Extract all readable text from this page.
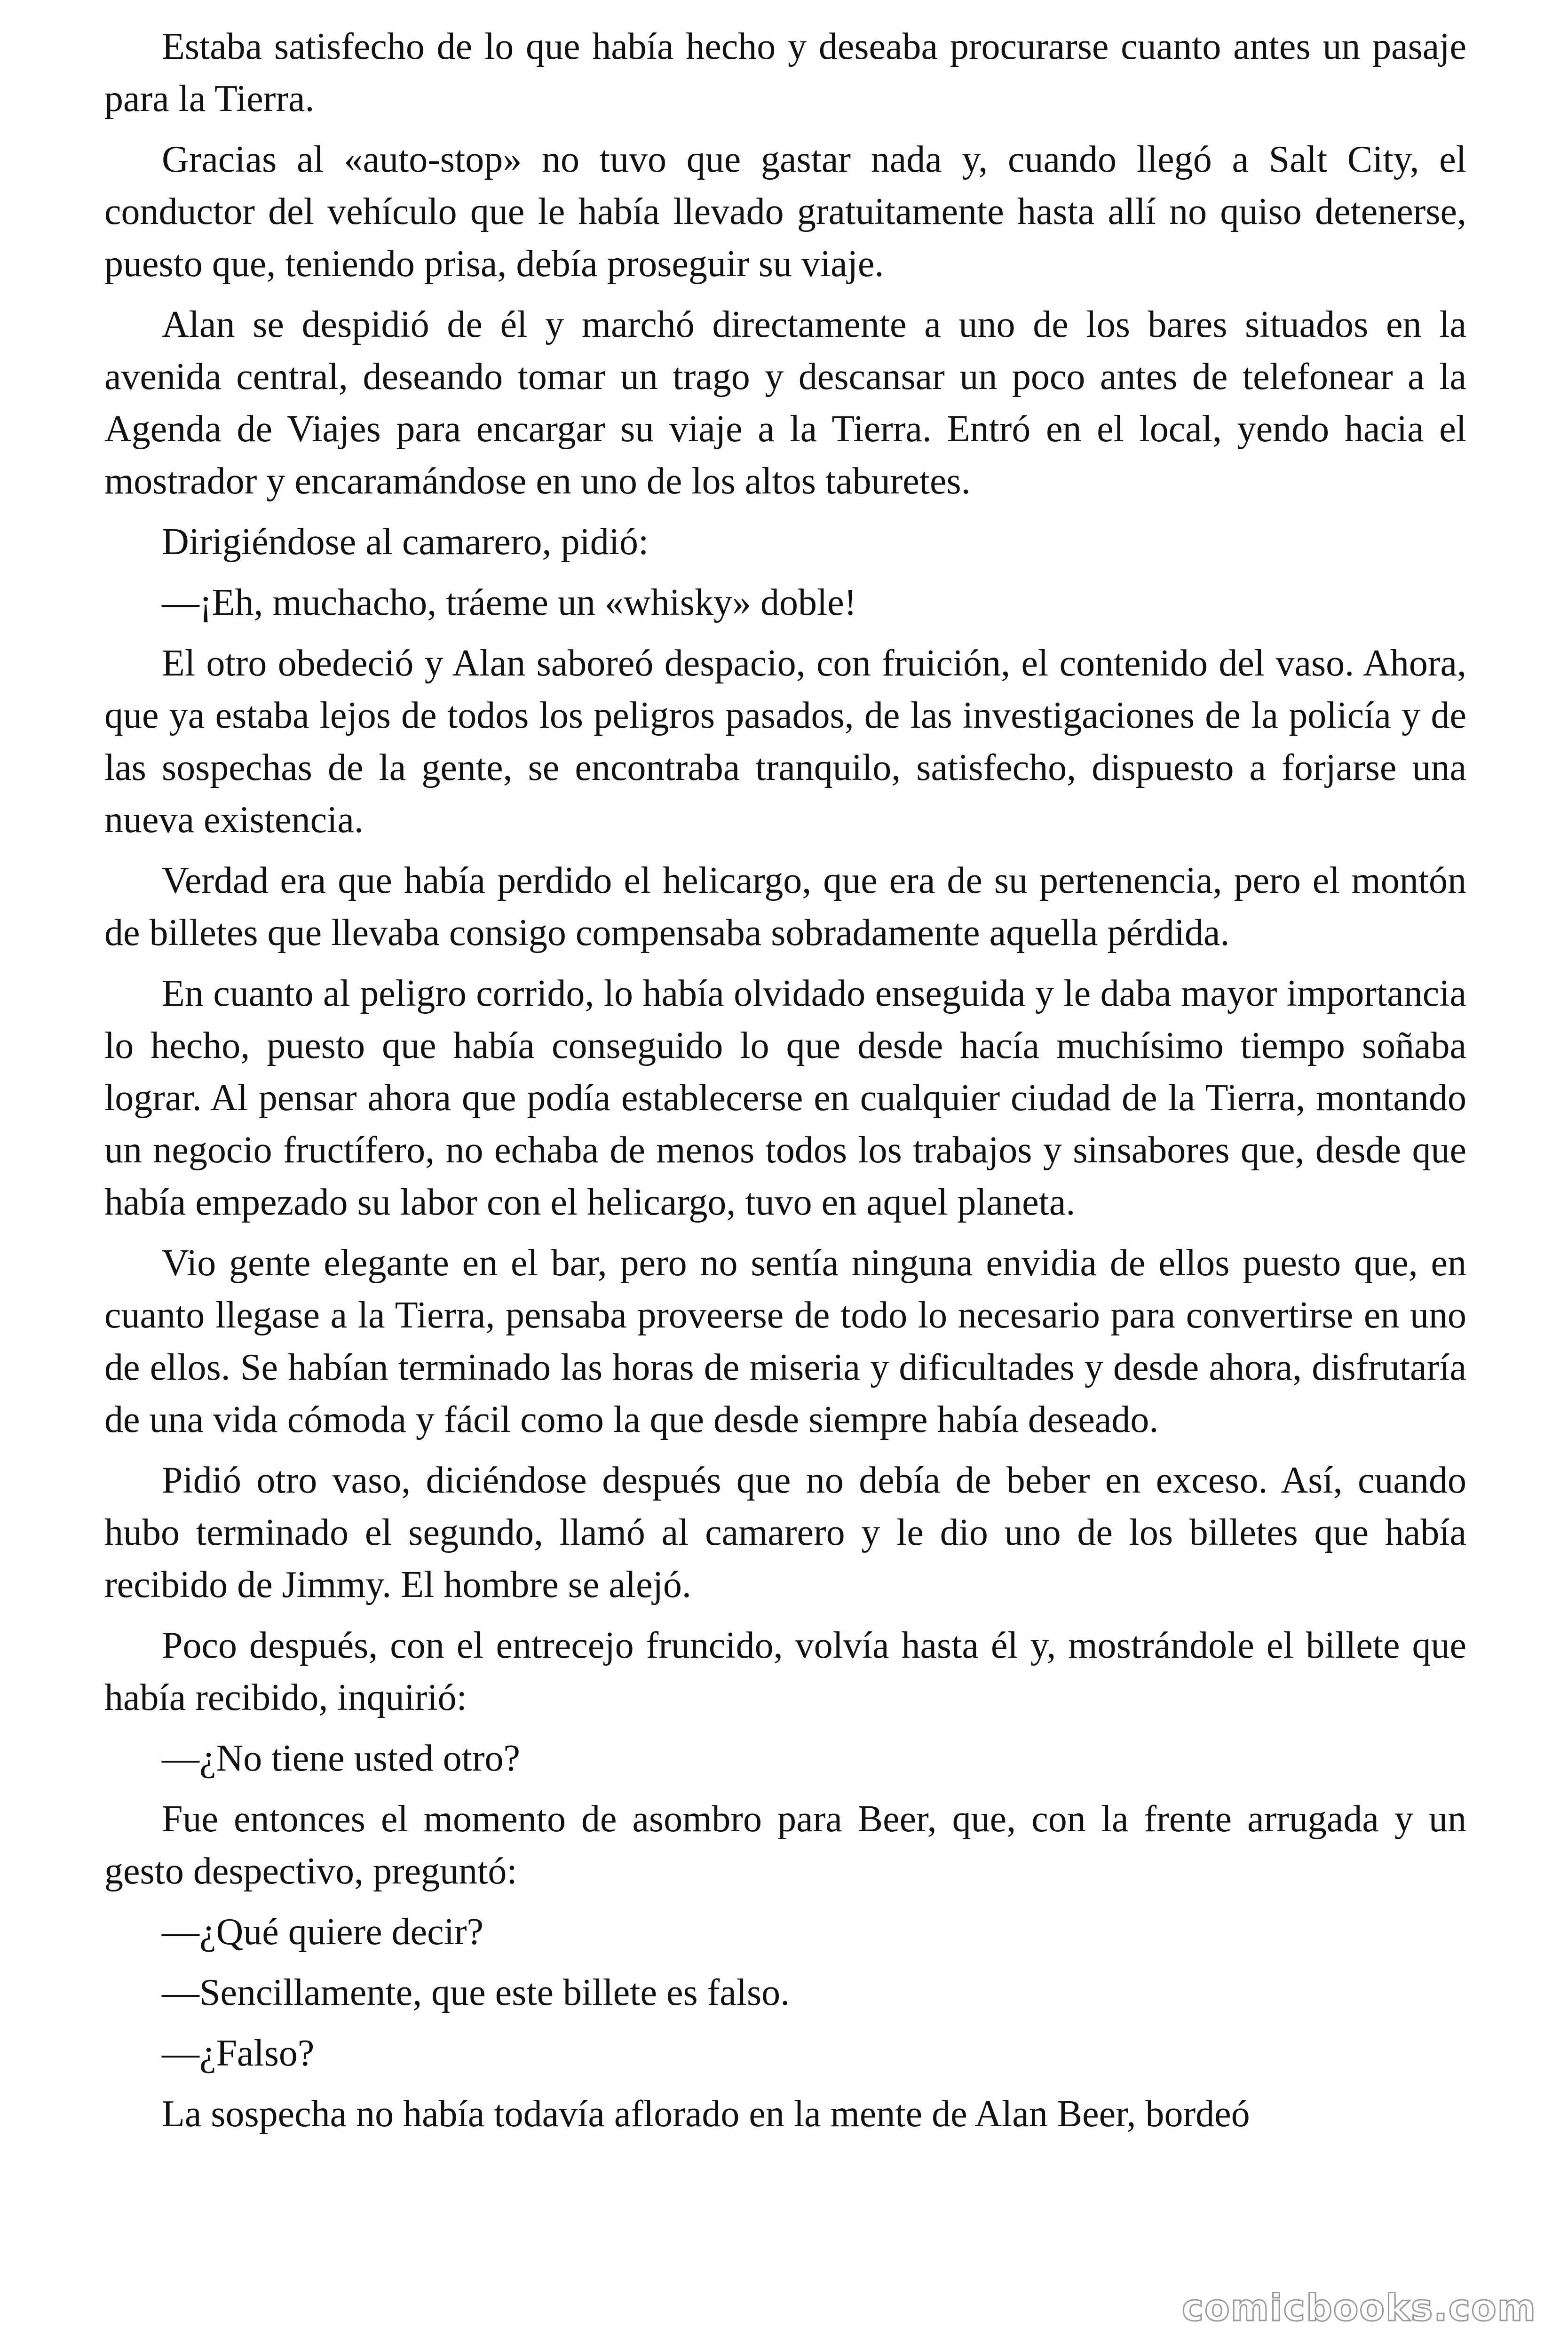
Estaba satisfecho de lo que había hecho y deseaba procurarse cuanto antes un pasaje para la Tierra.

Gracias al «auto-stop» no tuvo que gastar nada y, cuando llegó a Salt City, el conductor del vehículo que le había llevado gratuitamente hasta allí no quiso detenerse, puesto que, teniendo prisa, debía proseguir su viaje.

Alan se despidió de él y marchó directamente a uno de los bares situados en la avenida central, deseando tomar un trago y descansar un poco antes de telefonear a la Agenda de Viajes para encargar su viaje a la Tierra. Entró en el local, yendo hacia el mostrador y encaramándose en uno de los altos taburetes.

Dirigiéndose al camarero, pidió:

—¡Eh, muchacho, tráeme un «whisky» doble!

El otro obedeció y Alan saboreó despacio, con fruición, el contenido del vaso. Ahora, que ya estaba lejos de todos los peligros pasados, de las investigaciones de la policía y de las sospechas de la gente, se encontraba tranquilo, satisfecho, dispuesto a forjarse una nueva existencia.

Verdad era que había perdido el helicargo, que era de su pertenencia, pero el montón de billetes que llevaba consigo compensaba sobradamente aquella pérdida.

En cuanto al peligro corrido, lo había olvidado enseguida y le daba mayor importancia lo hecho, puesto que había conseguido lo que desde hacía muchísimo tiempo soñaba lograr. Al pensar ahora que podía establecerse en cualquier ciudad de la Tierra, montando un negocio fructífero, no echaba de menos todos los trabajos y sinsabores que, desde que había empezado su labor con el helicargo, tuvo en aquel planeta.

Vio gente elegante en el bar, pero no sentía ninguna envidia de ellos puesto que, en cuanto llegase a la Tierra, pensaba proveerse de todo lo necesario para convertirse en uno de ellos. Se habían terminado las horas de miseria y dificultades y desde ahora, disfrutaría de una vida cómoda y fácil como la que desde siempre había deseado.

Pidió otro vaso, diciéndose después que no debía de beber en exceso. Así, cuando hubo terminado el segundo, llamó al camarero y le dio uno de los billetes que había recibido de Jimmy. El hombre se alejó.

Poco después, con el entrecejo fruncido, volvía hasta él y, mostrándole el billete que había recibido, inquirió:

—¿No tiene usted otro?

Fue entonces el momento de asombro para Beer, que, con la frente arrugada y un gesto despectivo, preguntó:

—¿Qué quiere decir?

—Sencillamente, que este billete es falso.

—¿Falso?

La sospecha no había todavía aflorado en la mente de Alan Beer, bordeó

comicbooks.com
